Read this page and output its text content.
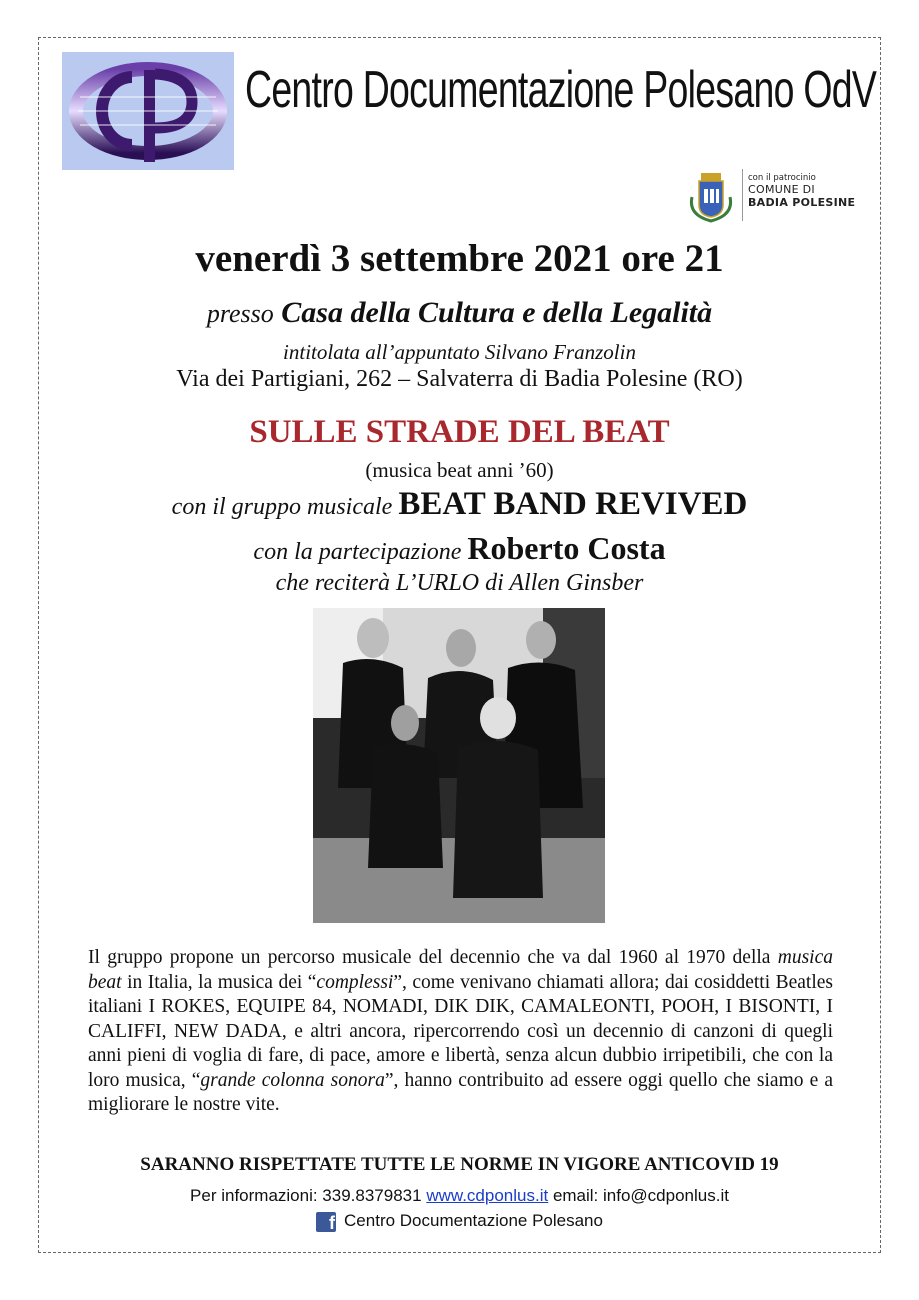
Centro Documentazione Polesano OdV
con il patrocinio
COMUNE DI
BADIA POLESINE
venerdì 3 settembre 2021 ore 21
presso Casa della Cultura e della Legalità
intitolata all’appuntato Silvano Franzolin
Via dei Partigiani, 262 – Salvaterra di Badia Polesine (RO)
SULLE STRADE DEL BEAT
(musica beat anni ’60)
con il gruppo musicale BEAT BAND REVIVED
con la partecipazione Roberto Costa
che reciterà L’URLO di Allen Ginsber
Il gruppo propone un percorso musicale del decennio che va dal 1960 al 1970 della musica beat in Italia, la musica dei “complessi”, come venivano chiamati allora; dai cosiddetti Beatles italiani I ROKES, EQUIPE 84, NOMADI, DIK DIK, CAMALEONTI, POOH, I BISONTI, I CALIFFI, NEW DADA, e altri ancora, ripercorrendo così un decennio di canzoni di quegli anni pieni di voglia di fare, di pace, amore e libertà, senza alcun dubbio irripetibili, che con la loro musica, “grande colonna sonora”, hanno contribuito ad essere oggi quello che siamo e a migliorare le nostre vite.
SARANNO RISPETTATE TUTTE LE NORME IN VIGORE ANTICOVID 19
Per informazioni: 339.8379831 www.cdponlus.it email: info@cdponlus.it
f Centro Documentazione Polesano
